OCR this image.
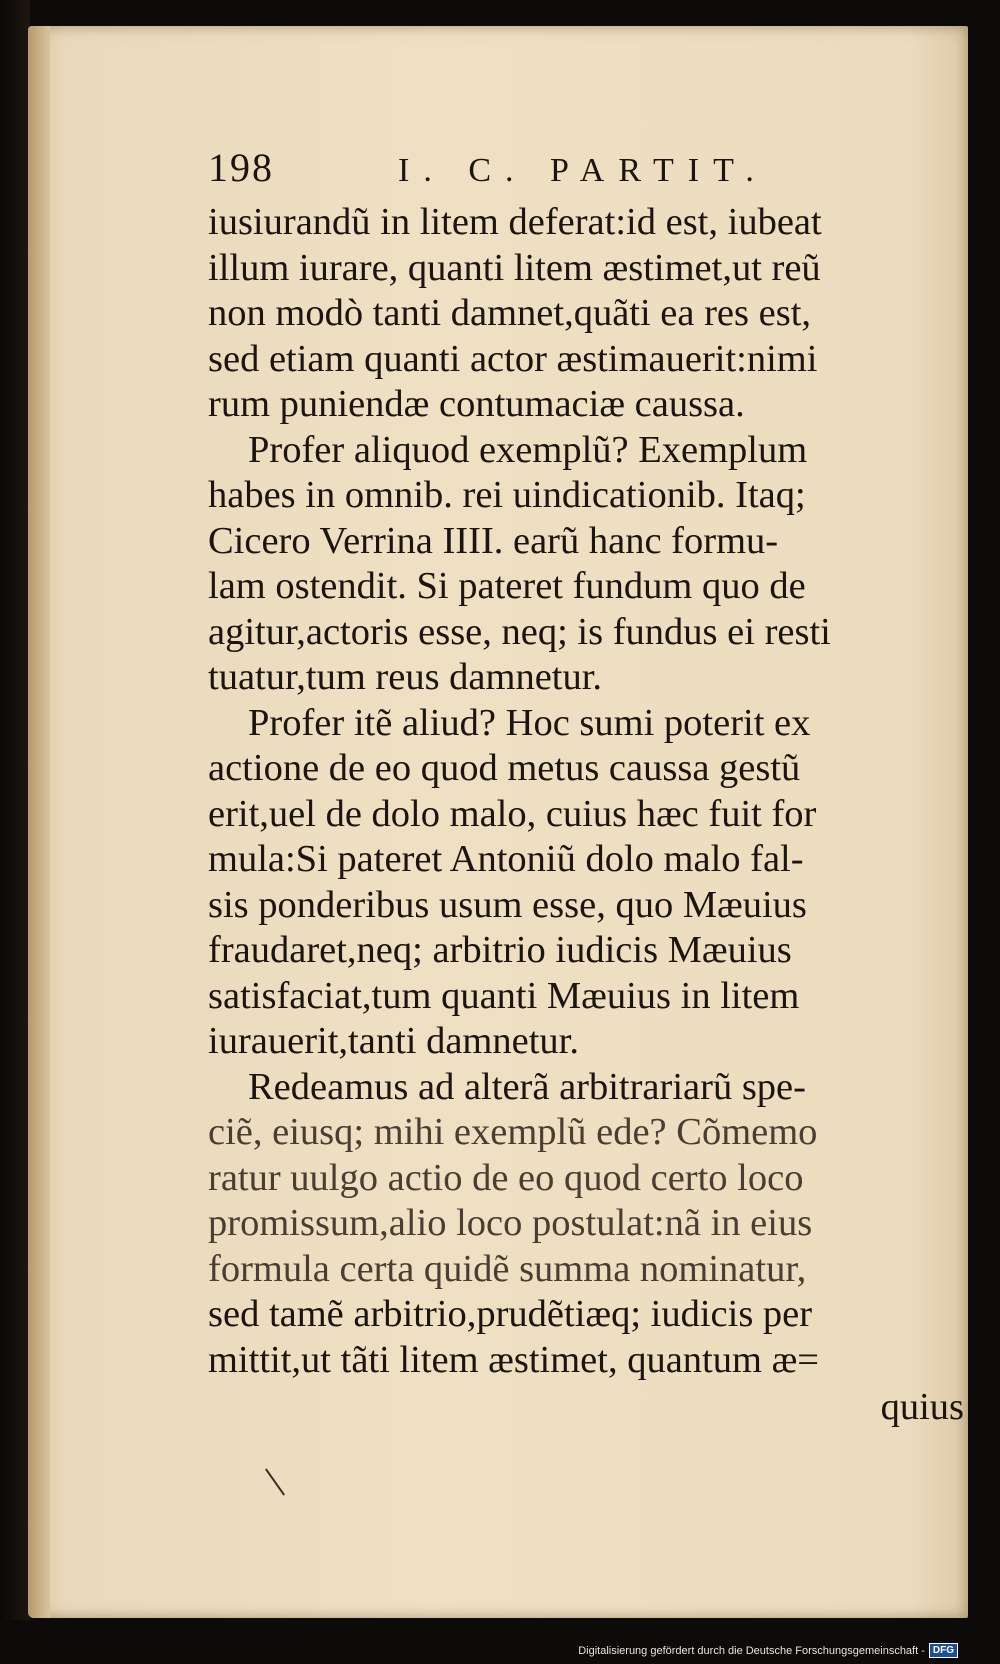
198	I. C. PARTIT.
iusiurandũ in litem deferat:id est, iubeat
illum iurare, quanti litem æstimet,ut reũ
non modò tanti damnet,quãti ea res est,
sed etiam quanti actor æstimauerit:nimi
rum puniendæ contumaciæ caussa.
Profer aliquod exemplũ? Exemplum
habes in omnib. rei uindicationib. Itaq;
Cicero Verrina IIII. earũ hanc formu-
lam ostendit. Si pateret fundum quo de
agitur,actoris esse, neq; is fundus ei resti
tuatur,tum reus damnetur.
Profer itẽ aliud? Hoc sumi poterit ex
actione de eo quod metus caussa gestũ
erit,uel de dolo malo, cuius hæc fuit for
mula:Si pateret Antoniũ dolo malo fal-
sis ponderibus usum esse, quo Mæuius
fraudaret,neq; arbitrio iudicis Mæuius
satisfaciat,tum quanti Mæuius in litem
iurauerit,tanti damnetur.
Redeamus ad alterã arbitrariarũ spe-
ciẽ, eiusq; mihi exemplũ ede? Cõmemo
ratur uulgo actio de eo quod certo loco
promissum,alio loco postulat:nã in eius
formula certa quidẽ summa nominatur,
sed tamẽ arbitrio,prudẽtiæq; iudicis per
mittit,ut tãti litem æstimet, quantum æ=
quius
Digitalisierung gefördert durch die Deutsche Forschungsgemeinschaft - DFG
